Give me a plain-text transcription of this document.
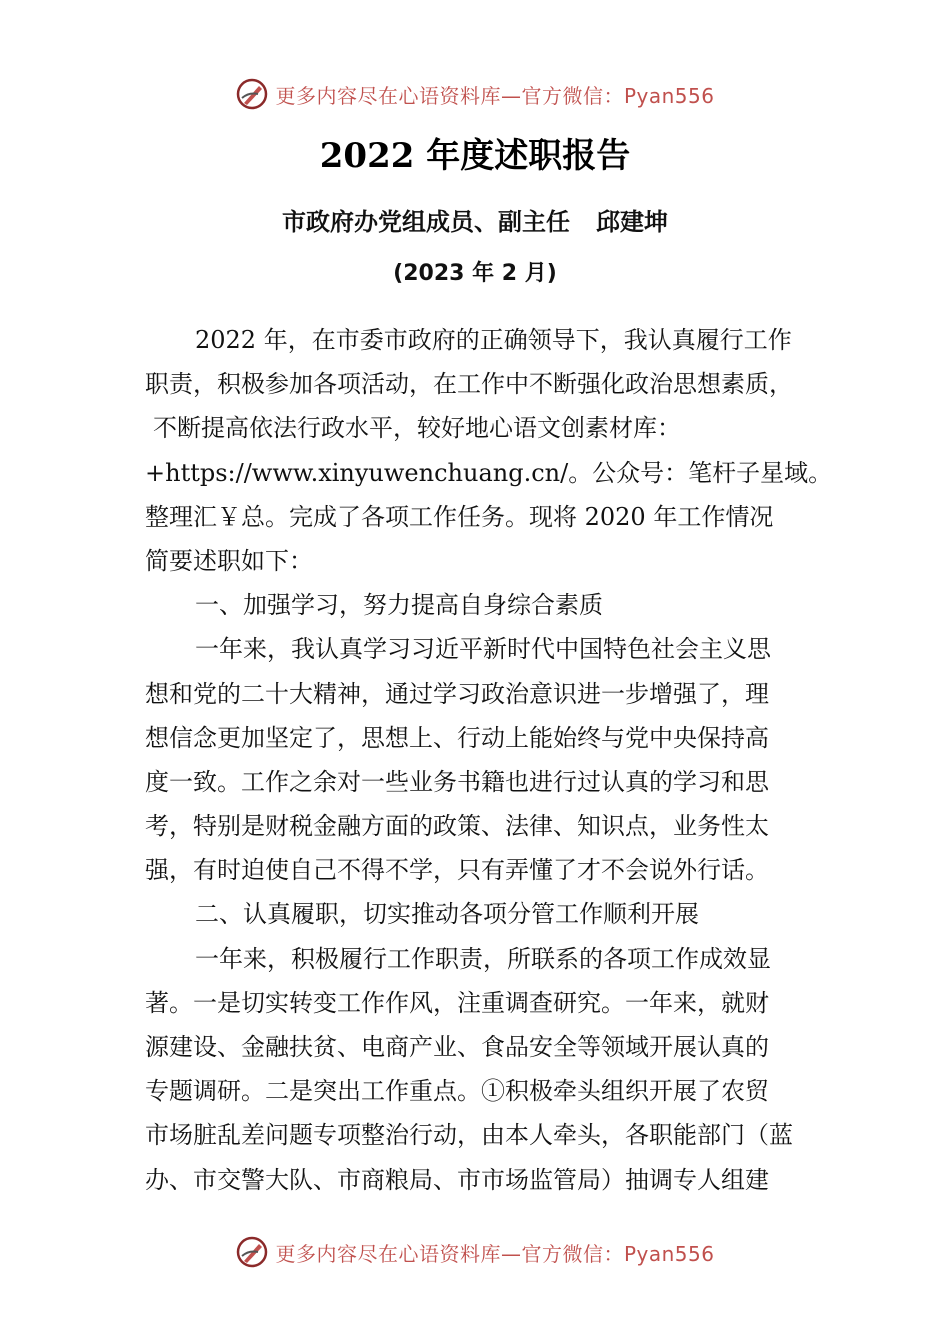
更多内容尽在心语资料库—官方微信：Pyan556
2022 年度述职报告
市政府办党组成员、副主任 邱建坤
(2023 年 2 月)
2022 年，在市委市政府的正确领导下，我认真履行工作
职责，积极参加各项活动，在工作中不断强化政治思想素质，
不断提高依法行政水平，较好地心语文创素材库：
+https://www.xinyuwenchuang.cn/。公众号：笔杆子星域。
整理汇￥总。完成了各项工作任务。现将 2020 年工作情况
简要述职如下：
一、加强学习，努力提高自身综合素质
一年来，我认真学习习近平新时代中国特色社会主义思
想和党的二十大精神，通过学习政治意识进一步增强了，理
想信念更加坚定了，思想上、行动上能始终与党中央保持高
度一致。工作之余对一些业务书籍也进行过认真的学习和思
考，特别是财税金融方面的政策、法律、知识点，业务性太
强，有时迫使自己不得不学，只有弄懂了才不会说外行话。
二、认真履职，切实推动各项分管工作顺利开展
一年来，积极履行工作职责，所联系的各项工作成效显
著。一是切实转变工作作风，注重调查研究。一年来，就财
源建设、金融扶贫、电商产业、食品安全等领域开展认真的
专题调研。二是突出工作重点。①积极牵头组织开展了农贸
市场脏乱差问题专项整治行动，由本人牵头，各职能部门（蓝
办、市交警大队、市商粮局、市市场监管局）抽调专人组建
更多内容尽在心语资料库—官方微信：Pyan556
